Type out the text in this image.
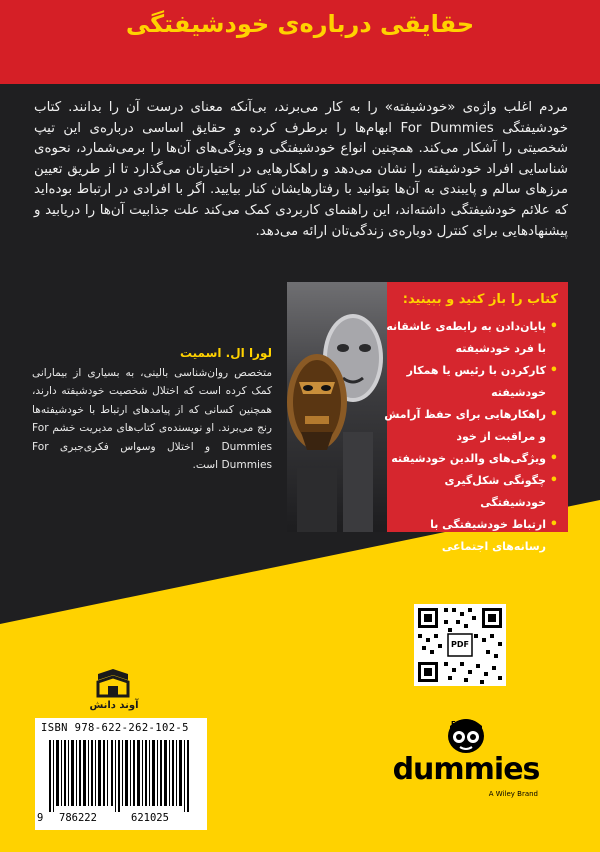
حقایقی درباره‌ی خودشیفتگی
مردم اغلب واژه‌ی «خودشیفته» را به کار می‌برند، بی‌آنکه معنای درست آن را بدانند. کتاب خودشیفتگی For Dummies ابهام‌ها را برطرف کرده و حقایق اساسی درباره‌ی این تیپ شخصیتی را آشکار می‌کند. همچنین انواع خودشیفتگی و ویژگی‌های آن‌ها را برمی‌شمارد، نحوه‌ی شناسایی افراد خودشیفته را نشان می‌دهد و راهکارهایی در اختیارتان می‌گذارد تا از طریق تعیین مرزهای سالم و پایبندی به آن‌ها بتوانید با رفتارهایشان کنار بیایید. اگر با افرادی در ارتباط بوده‌اید که علائم خودشیفتگی داشته‌اند، این راهنمای کاربردی کمک می‌کند علت جذابیت آن‌ها را دریابید و پیشنهادهایی برای کنترل دوباره‌ی زندگی‌تان ارائه می‌دهد.
کتاب را باز کنید و ببینید:
• پایان‌دادن به رابطه‌ی عاشقانه با فرد خودشیفته
• کارکردن با رئیس یا همکار خودشیفته
• راهکارهایی برای حفظ آرامش و مراقبت از خود
• ویژگی‌های والدین خودشیفته
• چگونگی شکل‌گیری خودشیفتگی
• ارتباط خودشیفتگی با رسانه‌های اجتماعی
لورا ال. اسمیت
متخصص روان‌شناسی بالینی، به بسیاری از بیمارانی کمک کرده است که اختلال شخصیت خودشیفته دارند، همچنین کسانی که از پیامدهای ارتباط با خودشیفته‌ها رنج می‌برند. او نویسنده‌ی کتاب‌های مدیریت خشم For Dummies و اختلال وسواس فکری‌جبری For Dummies است.
www.fordummies.ir
PDF
آوند دانش
ISBN 978-622-262-102-5
9 786222	621025
For
dummies
A Wiley Brand
